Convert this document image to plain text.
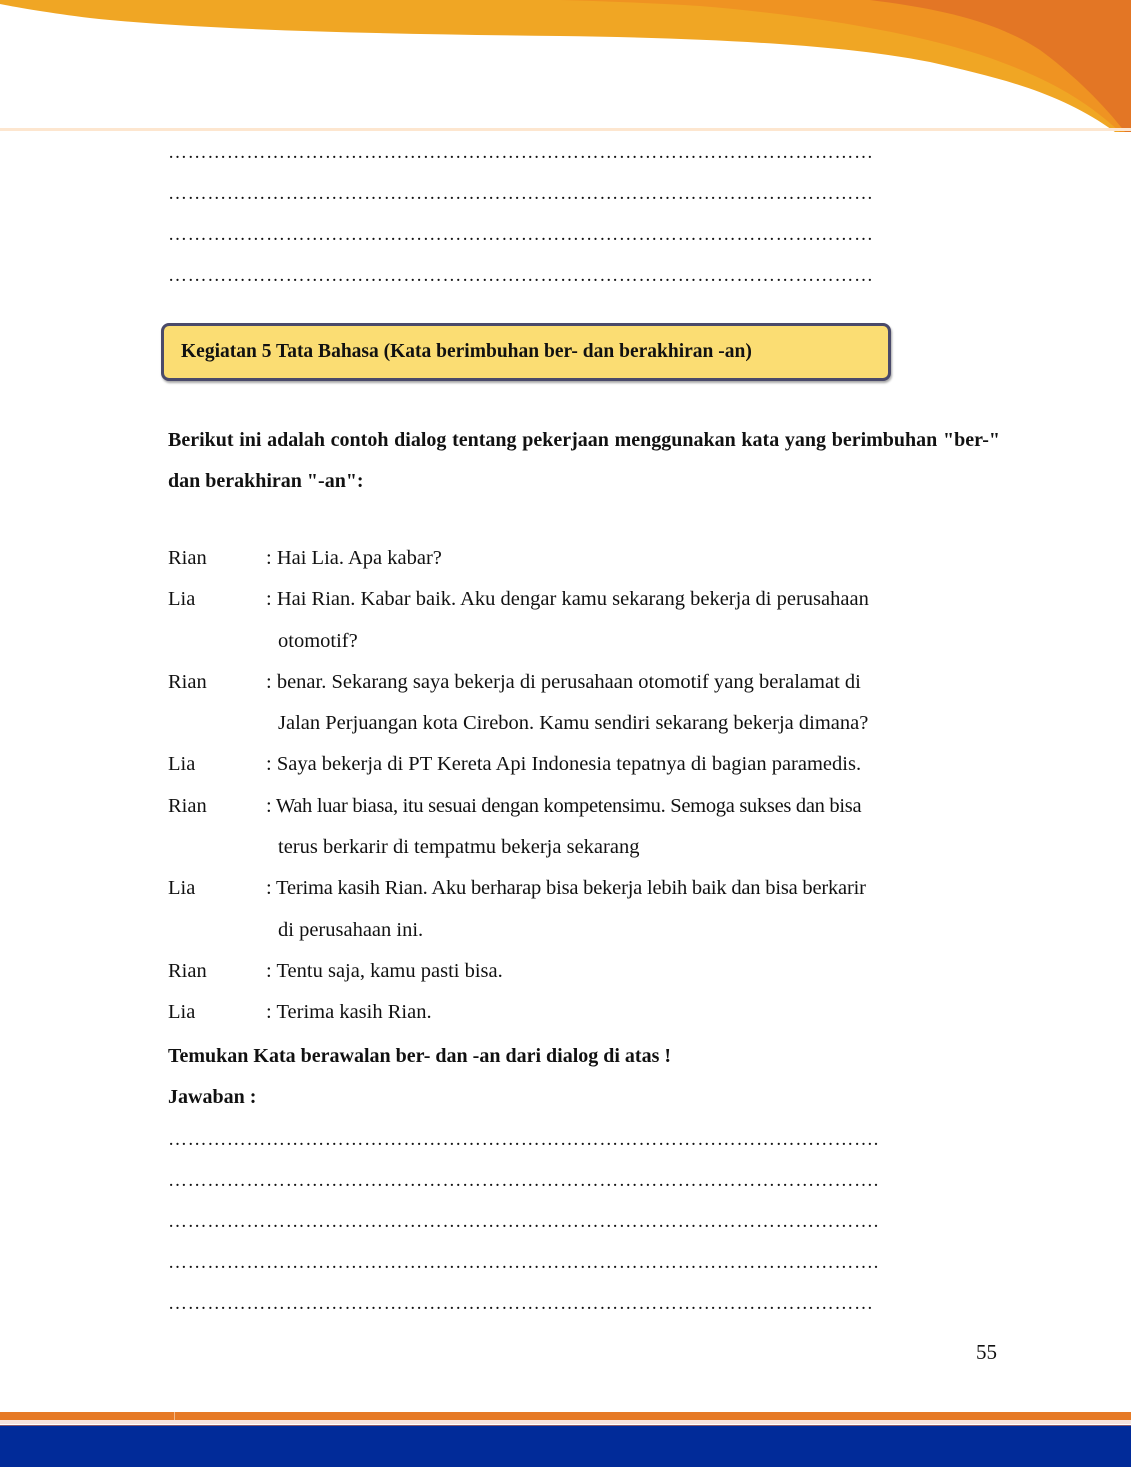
………………………………………………………………………………………………
………………………………………………………………………………………………
………………………………………………………………………………………………
………………………………………………………………………………………………
Kegiatan 5 Tata Bahasa (Kata berimbuhan ber- dan berakhiran -an)
Berikut ini adalah contoh dialog tentang pekerjaan menggunakan kata yang berimbuhan "ber-" dan berakhiran "-an":
Rian	: Hai Lia. Apa kabar?
Lia	: Hai Rian. Kabar baik. Aku dengar kamu sekarang bekerja di perusahaan
otomotif?
Rian	: benar. Sekarang saya bekerja di perusahaan otomotif yang beralamat di
Jalan Perjuangan kota Cirebon. Kamu sendiri sekarang bekerja dimana?
Lia	: Saya bekerja di PT Kereta Api Indonesia tepatnya di bagian paramedis.
Rian	: Wah luar biasa, itu sesuai dengan kompetensimu. Semoga sukses dan bisa
terus berkarir di tempatmu bekerja sekarang
Lia	: Terima kasih Rian. Aku berharap bisa bekerja lebih baik dan bisa berkarir
di perusahaan ini.
Rian	: Tentu saja, kamu pasti bisa.
Lia	: Terima kasih Rian.
Temukan Kata berawalan ber- dan -an dari dialog di atas !
Jawaban :
……………………………………………………………………………………………….
……………………………………………………………………………………………….
……………………………………………………………………………………………….
……………………………………………………………………………………………….
………………………………………………………………………………………………
55
